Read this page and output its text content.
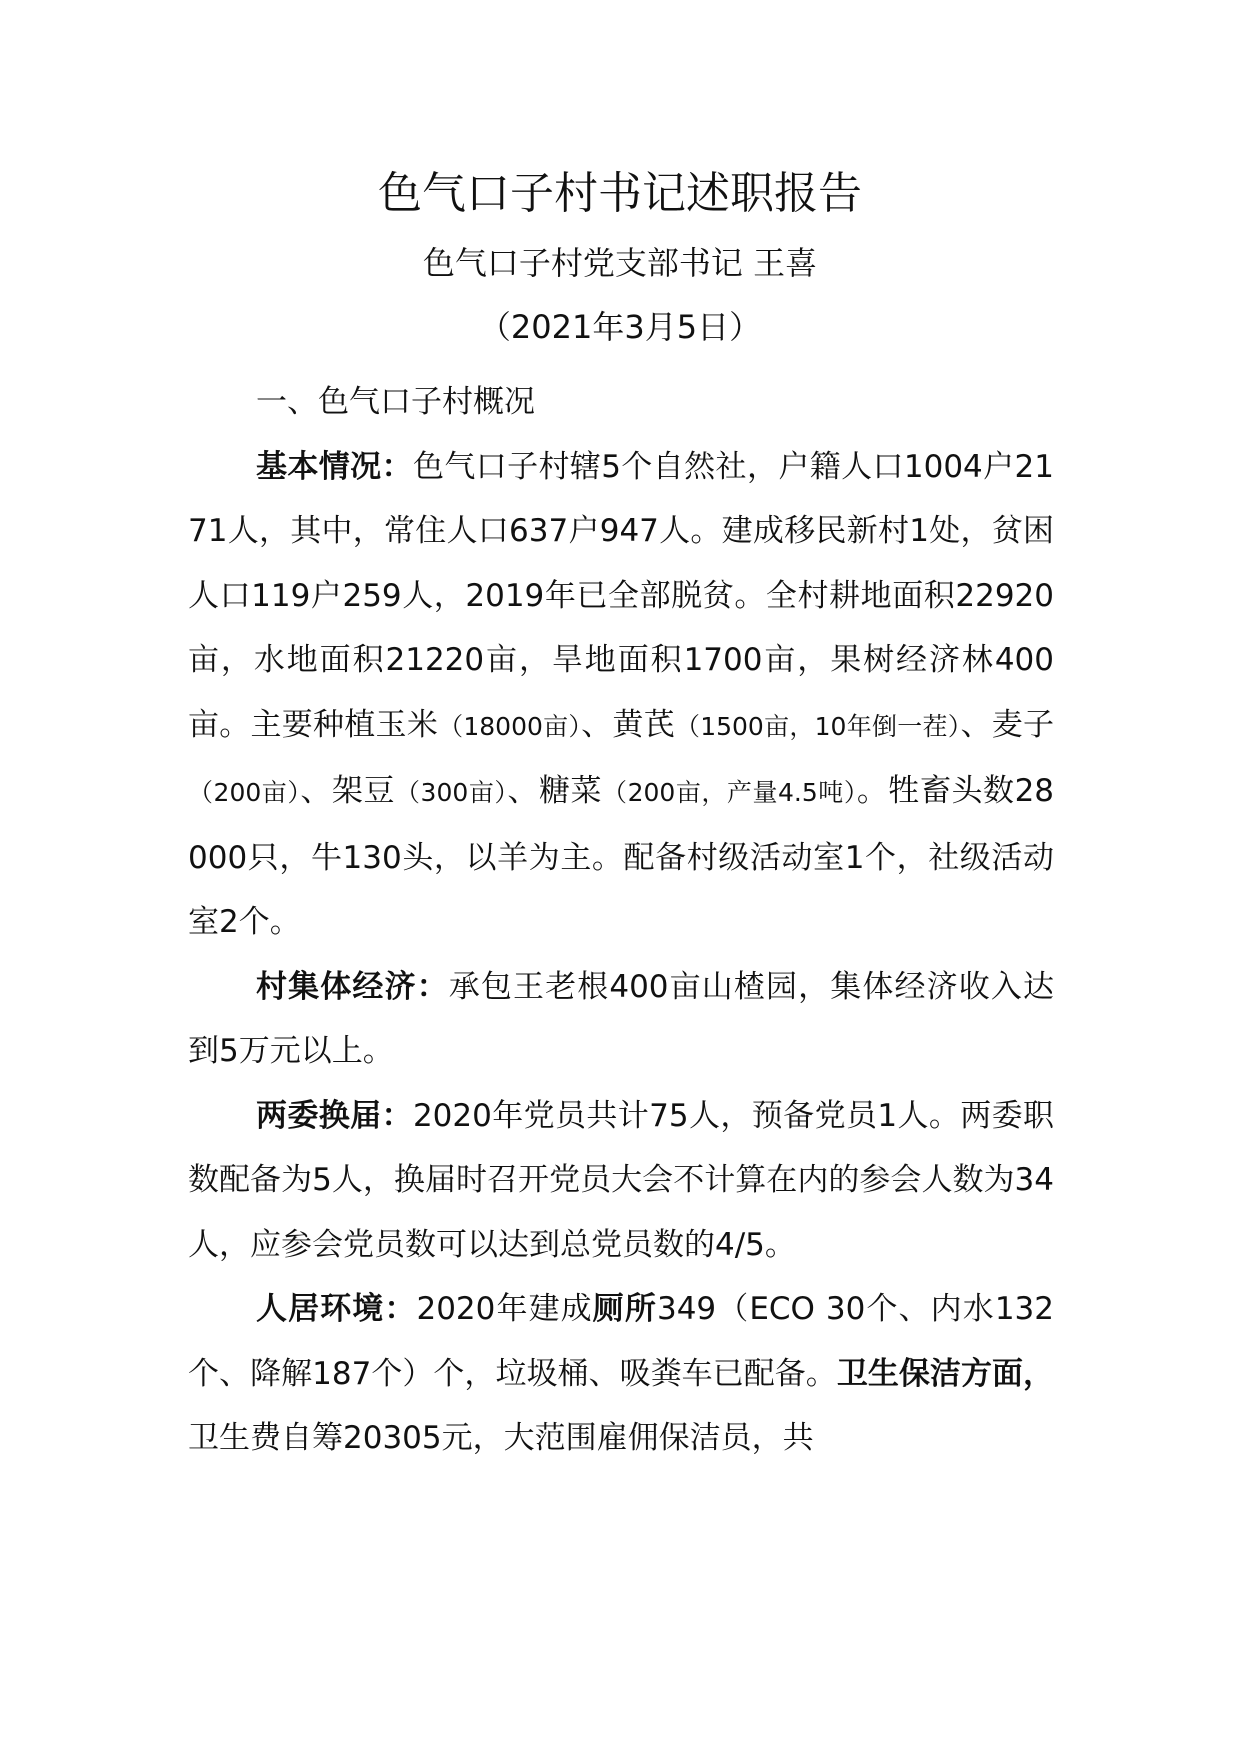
色气口子村书记述职报告
色气口子村党支部书记 王喜
（2021年3月5日）

一、色气口子村概况

基本情况：色气口子村辖5个自然社，户籍人口1004户2171人，其中，常住人口637户947人。建成移民新村1处，贫困人口119户259人，2019年已全部脱贫。全村耕地面积22920亩，水地面积21220亩，旱地面积1700亩，果树经济林400亩。主要种植玉米（18000亩）、黄芪（1500亩，10年倒一茬）、麦子（200亩）、架豆（300亩）、糖菜（200亩，产量4.5吨）。牲畜头数28000只，牛130头，以羊为主。配备村级活动室1个，社级活动室2个。

村集体经济：承包王老根400亩山楂园，集体经济收入达到5万元以上。

两委换届：2020年党员共计75人，预备党员1人。两委职数配备为5人，换届时召开党员大会不计算在内的参会人数为34人，应参会党员数可以达到总党员数的4/5。

人居环境：2020年建成厕所349（ECO 30个、内水132个、降解187个）个，垃圾桶、吸粪车已配备。卫生保洁方面，卫生费自筹20305元，大范围雇佣保洁员，共
